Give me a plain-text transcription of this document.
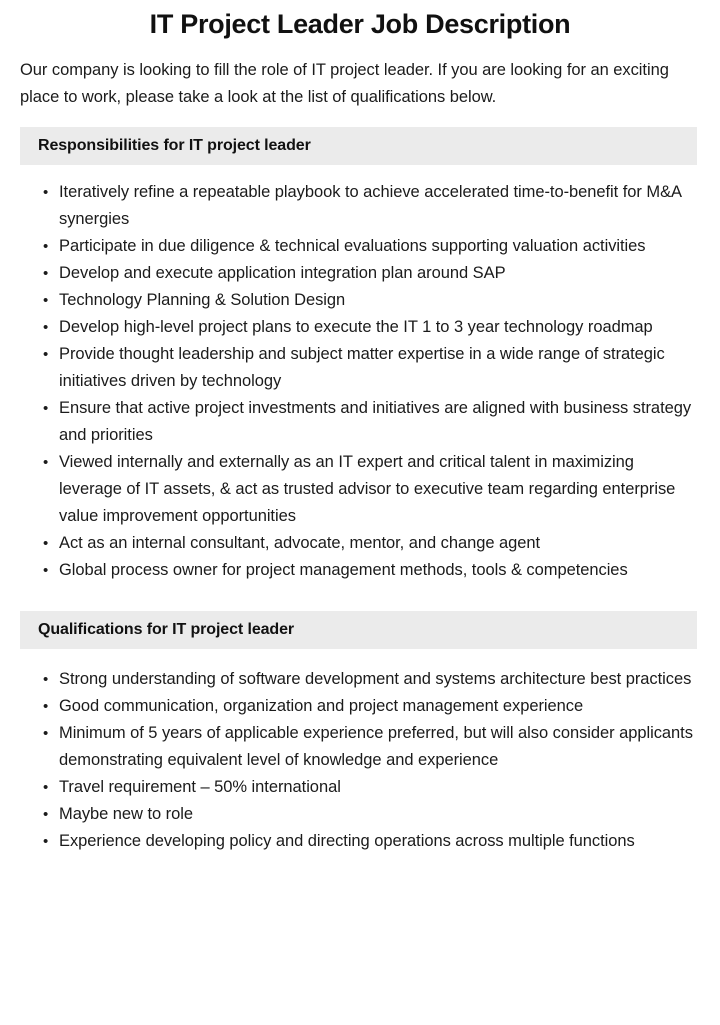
IT Project Leader Job Description

Our company is looking to fill the role of IT project leader. If you are looking for an exciting place to work, please take a look at the list of qualifications below.

Responsibilities for IT project leader
• Iteratively refine a repeatable playbook to achieve accelerated time-to-benefit for M&A synergies
• Participate in due diligence & technical evaluations supporting valuation activities
• Develop and execute application integration plan around SAP
• Technology Planning & Solution Design
• Develop high-level project plans to execute the IT 1 to 3 year technology roadmap
• Provide thought leadership and subject matter expertise in a wide range of strategic initiatives driven by technology
• Ensure that active project investments and initiatives are aligned with business strategy and priorities
• Viewed internally and externally as an IT expert and critical talent in maximizing leverage of IT assets, & act as trusted advisor to executive team regarding enterprise value improvement opportunities
• Act as an internal consultant, advocate, mentor, and change agent
• Global process owner for project management methods, tools & competencies
Qualifications for IT project leader
• Strong understanding of software development and systems architecture best practices
• Good communication, organization and project management experience
• Minimum of 5 years of applicable experience preferred, but will also consider applicants demonstrating equivalent level of knowledge and experience
• Travel requirement – 50% international
• Maybe new to role
• Experience developing policy and directing operations across multiple functions
